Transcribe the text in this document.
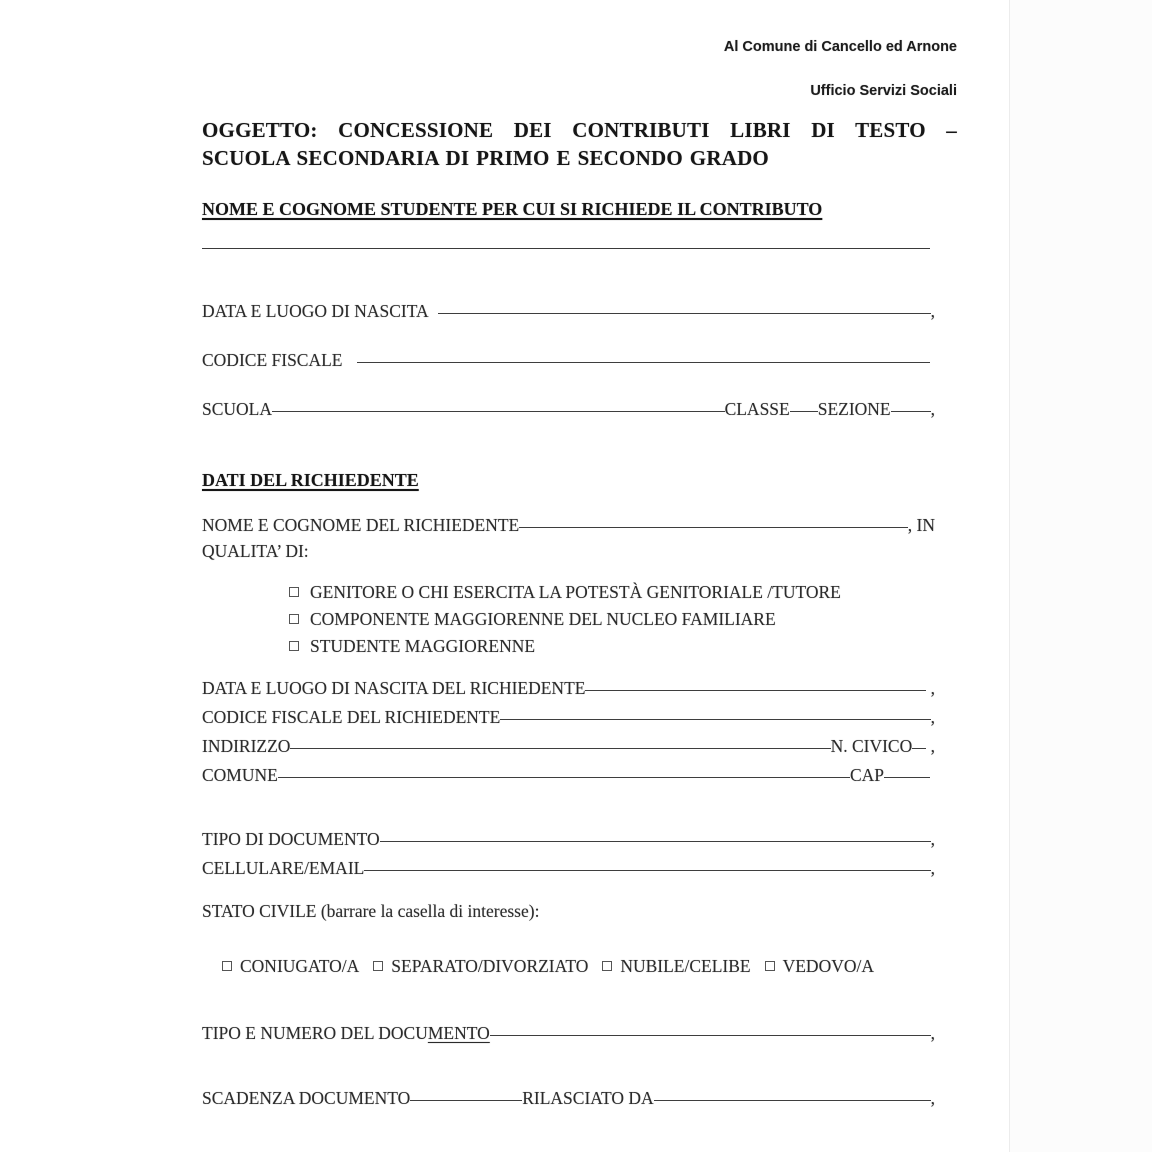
Al Comune di Cancello ed Arnone
Ufficio Servizi Sociali
OGGETTO: CONCESSIONE DEI CONTRIBUTI LIBRI DI TESTO – SCUOLA SECONDARIA DI PRIMO E SECONDO GRADO
NOME E COGNOME STUDENTE PER CUI SI RICHIEDE IL CONTRIBUTO
DATA E LUOGO DI NASCITA	,
CODICE FISCALE
SCUOLA	CLASSE SEZIONE ,
DATI DEL RICHIEDENTE
NOME E COGNOME DEL RICHIEDENTE	, IN
QUALITA’ DI:
GENITORE O CHI ESERCITA LA POTESTÀ GENITORIALE /TUTORE
COMPONENTE MAGGIORENNE DEL NUCLEO FAMILIARE
STUDENTE MAGGIORENNE
DATA E LUOGO DI NASCITA DEL RICHIEDENTE	,
CODICE FISCALE DEL RICHIEDENTE	,
INDIRIZZO	N. CIVICO ,
COMUNE	CAP
TIPO DI DOCUMENTO	,
CELLULARE/EMAIL	,
STATO CIVILE (barrare la casella di interesse):
CONIUGATO/A SEPARATO/DIVORZIATO NUBILE/CELIBE VEDOVO/A
TIPO E NUMERO DEL DOCU MENTO	,
SCADENZA DOCUMENTO	RILASCIATO DA	,
